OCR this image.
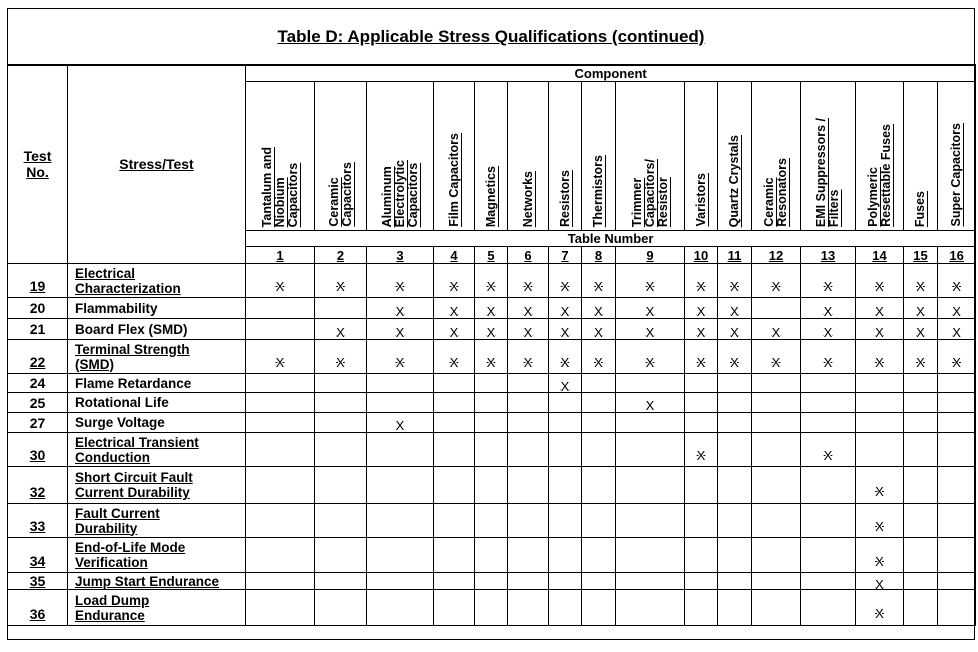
Table D: Applicable Stress Qualifications (continued)
Test
No.	Stress/Test	Component															
		Tantalum and
Niobium
Capacitors	Ceramic
Capacitors	Aluminum
Electrolytic
Capacitors	Film Capacitors	Magnetics	Networks	Resistors	Thermistors	Trimmer
Capacitors/
Resistor	Varistors	Quartz Crystals	Ceramic
Resonators	EMI Suppressors /
Filters	Polymeric
Resettable Fuses	Fuses	Super Capacitors
		Table Number															
		1	2	3	4	5	6	7	8	9	10	11	12	13	14	15	16
19	Electrical
Characterization	X	X	X	X	X	X	X	X	X	X	X	X	X	X	X	X
20	Flammability			X	X	X	X	X	X	X	X	X		X	X	X	X
21	Board Flex (SMD)		X	X	X	X	X	X	X	X	X	X	X	X	X	X	X
22	Terminal Strength
(SMD)	X	X	X	X	X	X	X	X	X	X	X	X	X	X	X	X
24	Flame Retardance							X									
25	Rotational Life									X							
27	Surge Voltage			X													
30	Electrical Transient
Conduction										X			X			
32	Short Circuit Fault
Current Durability														X		
33	Fault Current
Durability														X		
34	End-of-Life Mode
Verification														X		
35	Jump Start Endurance														X		
36	Load Dump
Endurance														X		
